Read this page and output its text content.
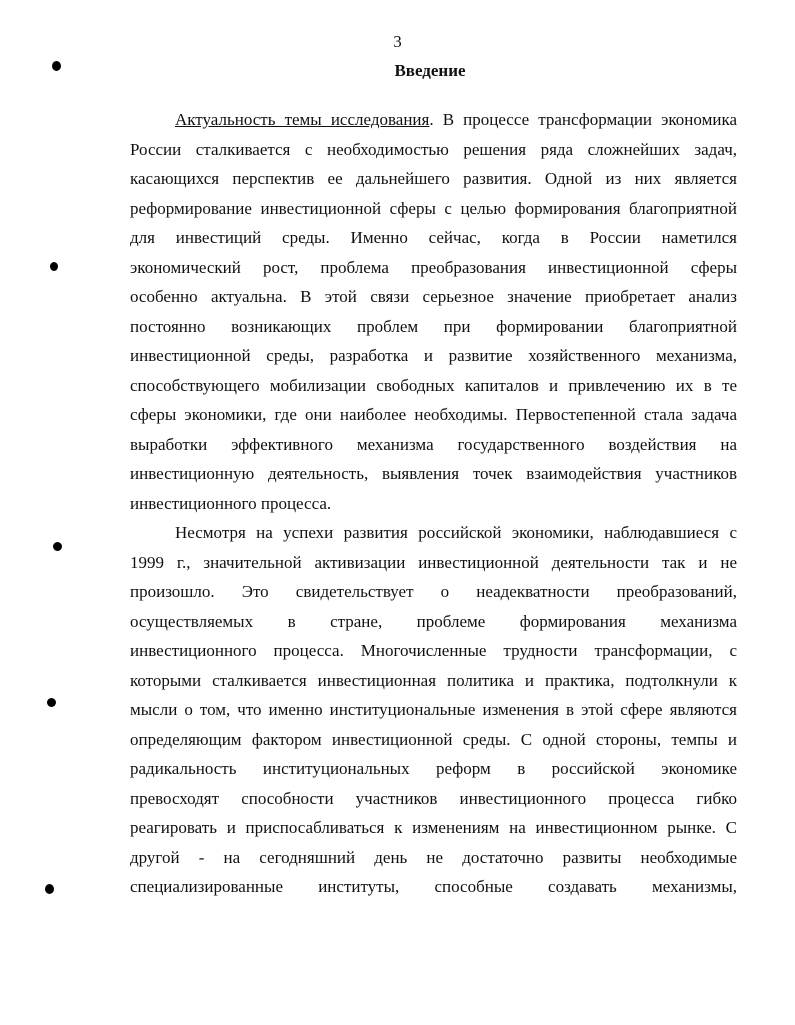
3
Введение
Актуальность темы исследования. В процессе трансформации экономика
России сталкивается с необходимостью решения ряда сложнейших задач,
касающихся перспектив ее дальнейшего развития. Одной из них является
реформирование инвестиционной сферы с целью формирования благоприятной
для инвестиций среды. Именно сейчас, когда в России наметился
экономический рост, проблема преобразования инвестиционной сферы
особенно актуальна. В этой связи серьезное значение приобретает анализ
постоянно возникающих проблем при формировании благоприятной
инвестиционной среды, разработка и развитие хозяйственного механизма,
способствующего мобилизации свободных капиталов и привлечению их в те
сферы экономики, где они наиболее необходимы. Первостепенной стала задача
выработки эффективного механизма государственного воздействия на
инвестиционную деятельность, выявления точек взаимодействия участников
инвестиционного процесса.
Несмотря на успехи развития российской экономики, наблюдавшиеся с
1999 г., значительной активизации инвестиционной деятельности так и не
произошло. Это свидетельствует о неадекватности преобразований,
осуществляемых в стране, проблеме формирования механизма
инвестиционного процесса. Многочисленные трудности трансформации, с
которыми сталкивается инвестиционная политика и практика, подтолкнули к
мысли о том, что именно институциональные изменения в этой сфере являются
определяющим фактором инвестиционной среды. С одной стороны, темпы и
радикальность институциональных реформ в российской экономике
превосходят способности участников инвестиционного процесса гибко
реагировать и приспосабливаться к изменениям на инвестиционном рынке. С
другой - на сегодняшний день не достаточно развиты необходимые
специализированные институты, способные создавать механизмы,
